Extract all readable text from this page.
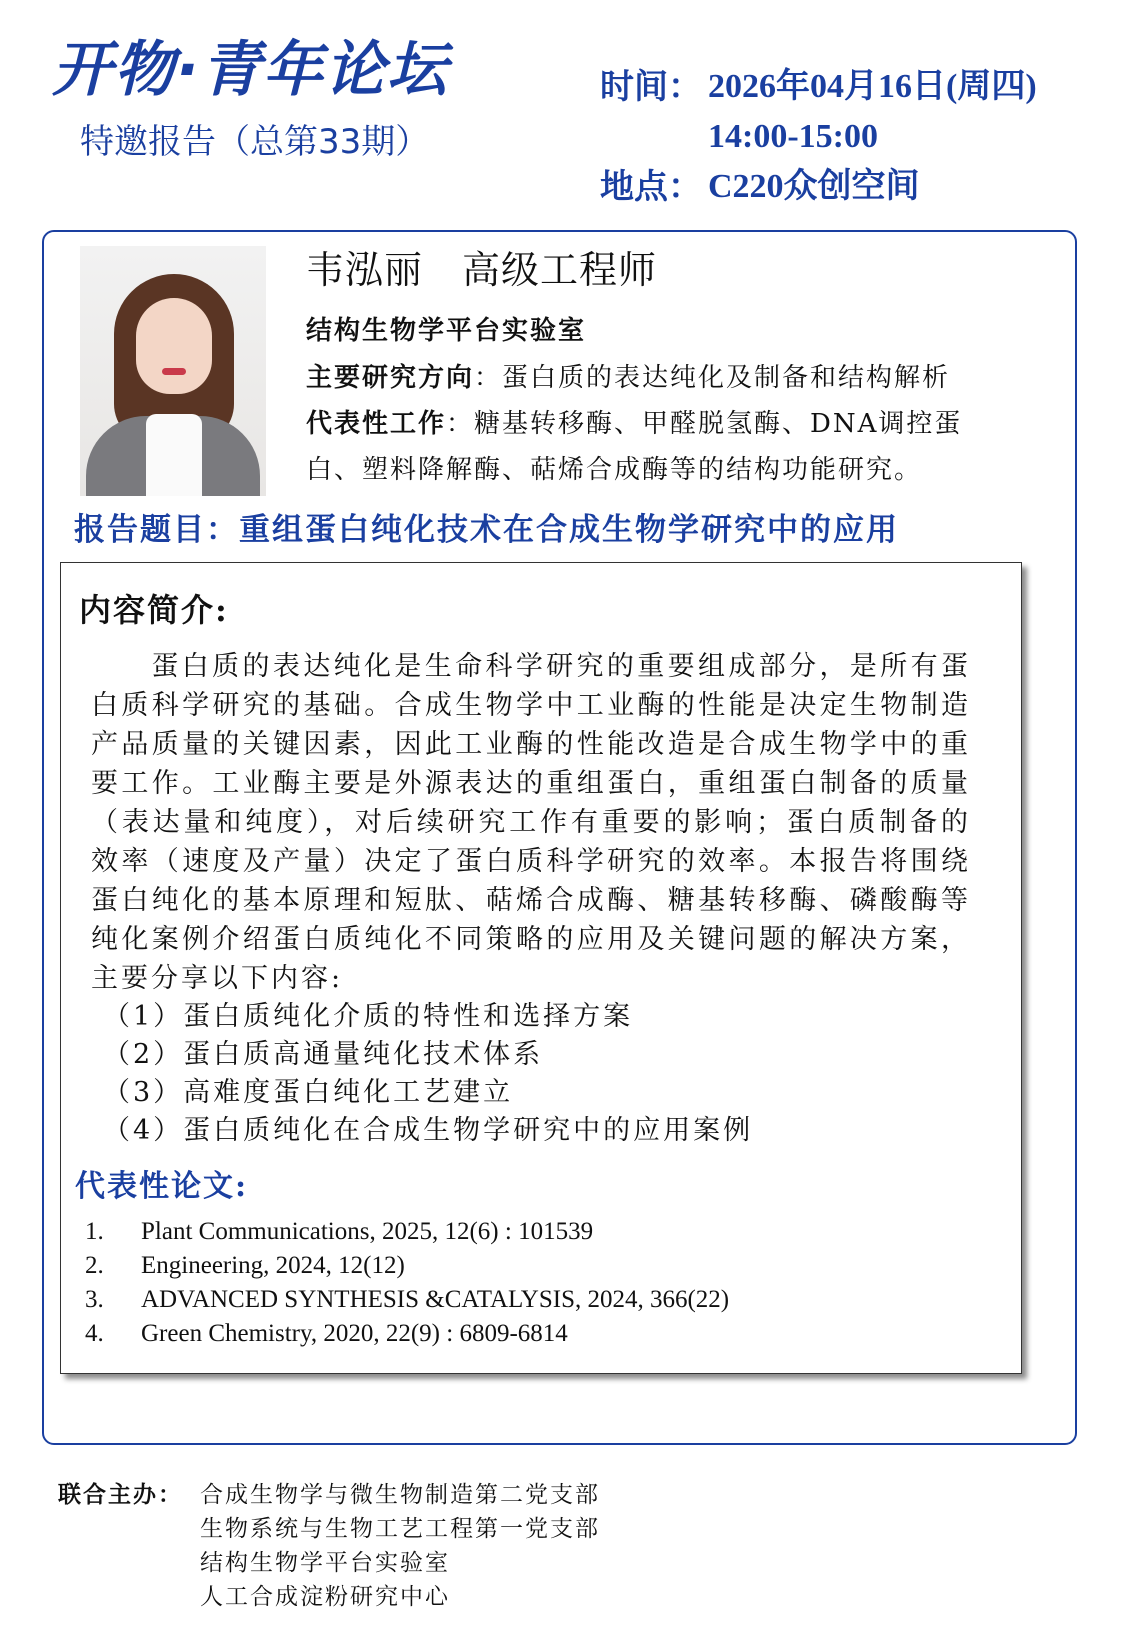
开物·青年论坛
特邀报告（总第33期）
时间： 2026年04月16日(周四)
14:00-15:00
地点： C220众创空间
韦泓丽　高级工程师
结构生物学平台实验室
主要研究方向：蛋白质的表达纯化及制备和结构解析
代表性工作：糖基转移酶、甲醛脱氢酶、DNA调控蛋
白、塑料降解酶、萜烯合成酶等的结构功能研究。
报告题目：重组蛋白纯化技术在合成生物学研究中的应用
内容简介:
蛋白质的表达纯化是生命科学研究的重要组成部分，是所有蛋白质科学研究的基础。合成生物学中工业酶的性能是决定生物制造产品质量的关键因素，因此工业酶的性能改造是合成生物学中的重要工作。工业酶主要是外源表达的重组蛋白，重组蛋白制备的质量（表达量和纯度），对后续研究工作有重要的影响；蛋白质制备的效率（速度及产量）决定了蛋白质科学研究的效率。本报告将围绕蛋白纯化的基本原理和短肽、萜烯合成酶、糖基转移酶、磷酸酶等纯化案例介绍蛋白质纯化不同策略的应用及关键问题的解决方案，主要分享以下内容:
（1）蛋白质纯化介质的特性和选择方案
（2）蛋白质高通量纯化技术体系
（3）高难度蛋白纯化工艺建立
（4）蛋白质纯化在合成生物学研究中的应用案例
代表性论文:
1.	Plant Communications, 2025, 12(6) : 101539
2.	Engineering, 2024, 12(12)
3.	ADVANCED SYNTHESIS &CATALYSIS, 2024, 366(22)
4.	Green Chemistry, 2020, 22(9) : 6809-6814
联合主办： 合成生物学与微生物制造第二党支部
生物系统与生物工艺工程第一党支部
结构生物学平台实验室
人工合成淀粉研究中心
